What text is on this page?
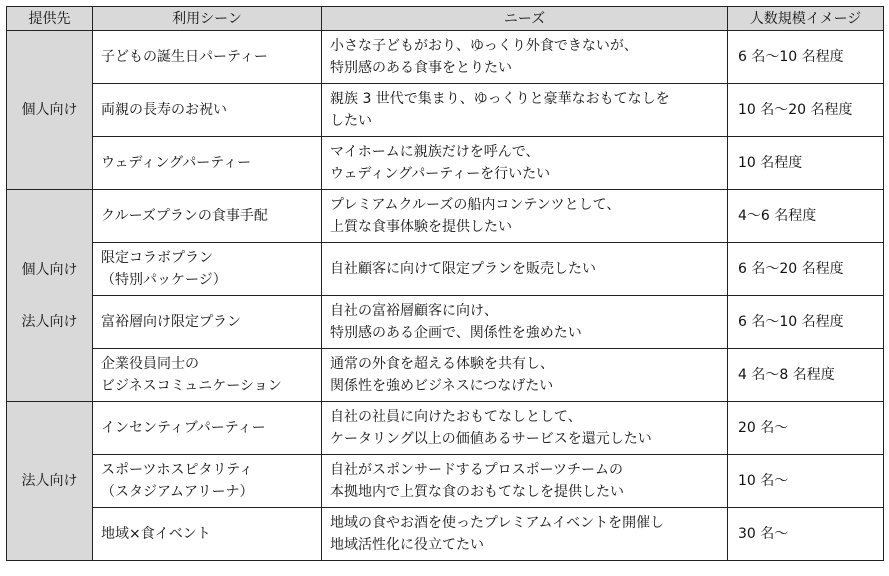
提供先	利用シーン	ニーズ	人数規模イメージ

個人向け	子どもの誕生日パーティー	小さな子どもがおり、ゆっくり外食できないが、
特別感のある食事をとりたい	6 名～10 名程度

	両親の長寿のお祝い	親族 3 世代で集まり、ゆっくりと豪華なおもてなしを
したい	10 名～20 名程度

	ウェディングパーティー	マイホームに親族だけを呼んで、
ウェディングパーティーを行いたい	10 名程度

個人向け
法人向け	クルーズプランの食事手配	プレミアムクルーズの船内コンテンツとして、
上質な食事体験を提供したい	4～6 名程度

	限定コラボプラン
（特別パッケージ）	自社顧客に向けて限定プランを販売したい	6 名～20 名程度

	富裕層向け限定プラン	自社の富裕層顧客に向け、
特別感のある企画で、関係性を強めたい	6 名～10 名程度

	企業役員同士の
ビジネスコミュニケーション	通常の外食を超える体験を共有し、
関係性を強めビジネスにつなげたい	4 名～8 名程度

法人向け	インセンティブパーティー	自社の社員に向けたおもてなしとして、
ケータリング以上の価値あるサービスを還元したい	20 名～

	スポーツホスピタリティ
（スタジアムアリーナ）	自社がスポンサードするプロスポーツチームの
本拠地内で上質な食のおもてなしを提供したい	10 名～

	地域×食イベント	地域の食やお酒を使ったプレミアムイベントを開催し
地域活性化に役立てたい	30 名～
